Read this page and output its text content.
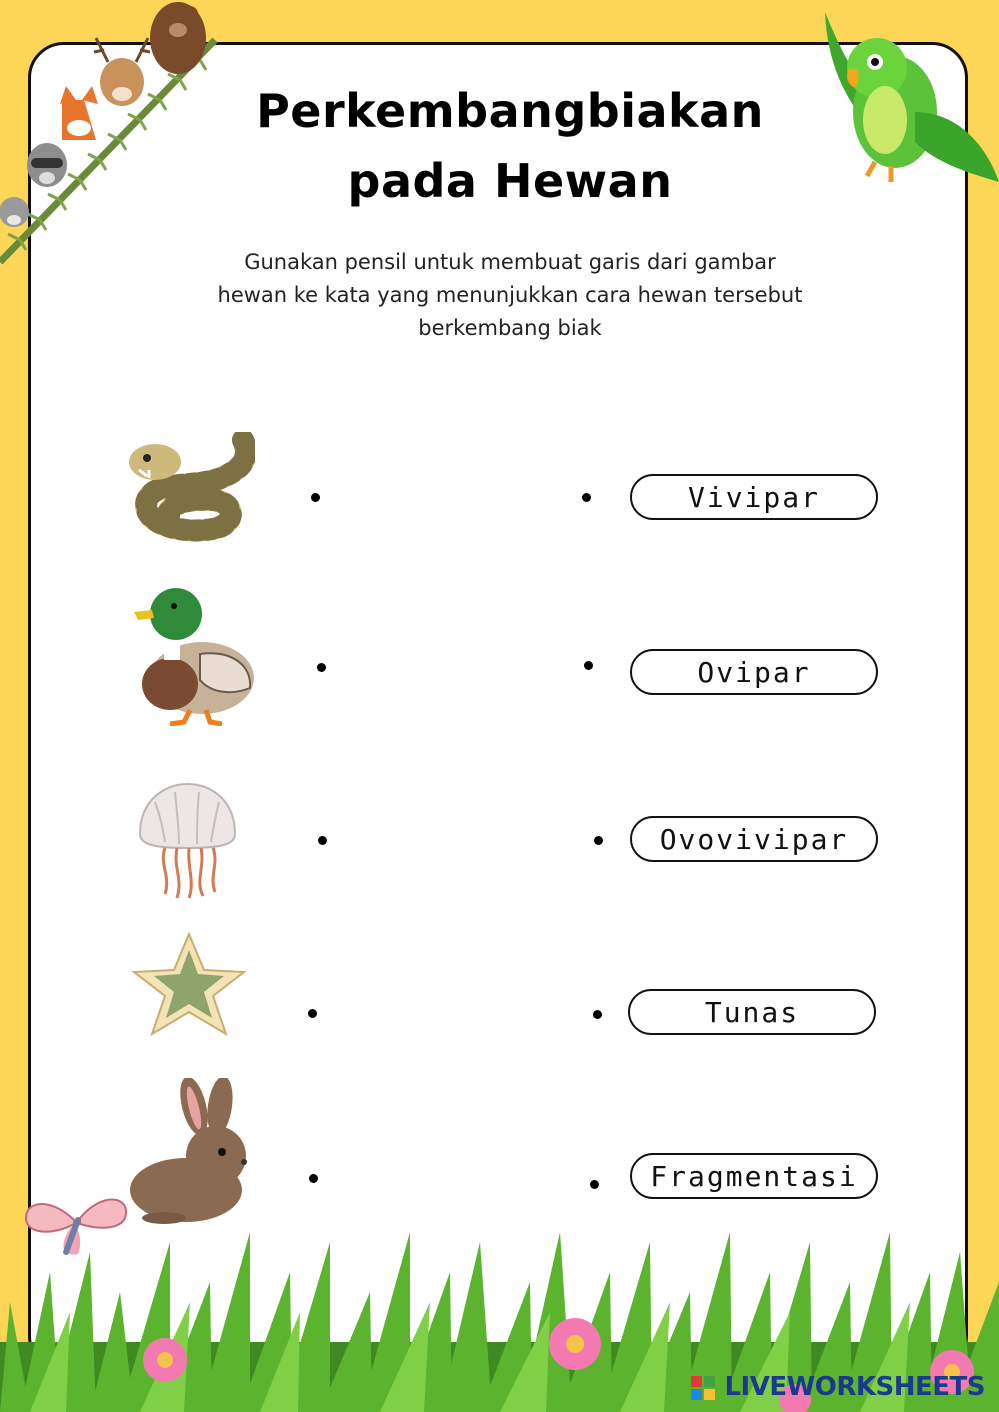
Perkembangbiakan
pada Hewan
Gunakan pensil untuk membuat garis dari gambar
hewan ke kata yang menunjukkan cara hewan tersebut
berkembang biak
Vivipar
Ovipar
Ovovivipar
Tunas
Fragmentasi
LIVEWORKSHEETS
